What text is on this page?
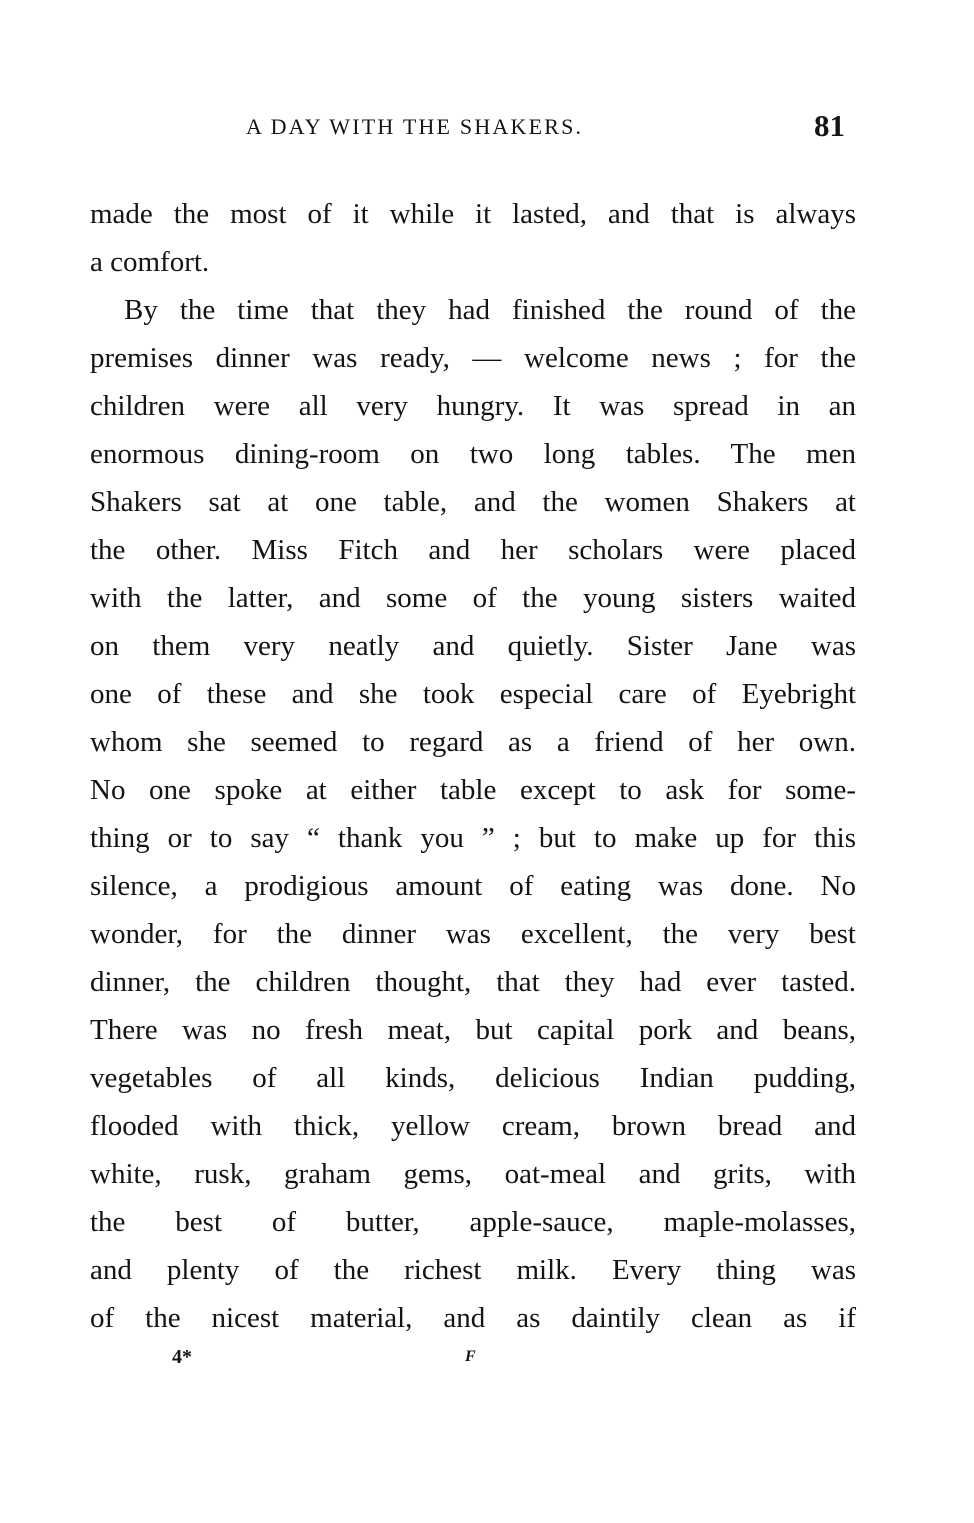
A DAY WITH THE SHAKERS.	81
made the most of it while it lasted, and that is always
a comfort.
By the time that they had finished the round of the
premises dinner was ready, — welcome news ; for the
children were all very hungry. It was spread in an
enormous dining-room on two long tables. The men
Shakers sat at one table, and the women Shakers at
the other. Miss Fitch and her scholars were placed
with the latter, and some of the young sisters waited
on them very neatly and quietly. Sister Jane was
one of these and she took especial care of Eyebright
whom she seemed to regard as a friend of her own.
No one spoke at either table except to ask for some-
thing or to say “ thank you ” ; but to make up for this
silence, a prodigious amount of eating was done. No
wonder, for the dinner was excellent, the very best
dinner, the children thought, that they had ever tasted.
There was no fresh meat, but capital pork and beans,
vegetables of all kinds, delicious Indian pudding,
flooded with thick, yellow cream, brown bread and
white, rusk, graham gems, oat-meal and grits, with
the best of butter, apple-sauce, maple-molasses,
and plenty of the richest milk. Every thing was
of the nicest material, and as daintily clean as if
4*	F
